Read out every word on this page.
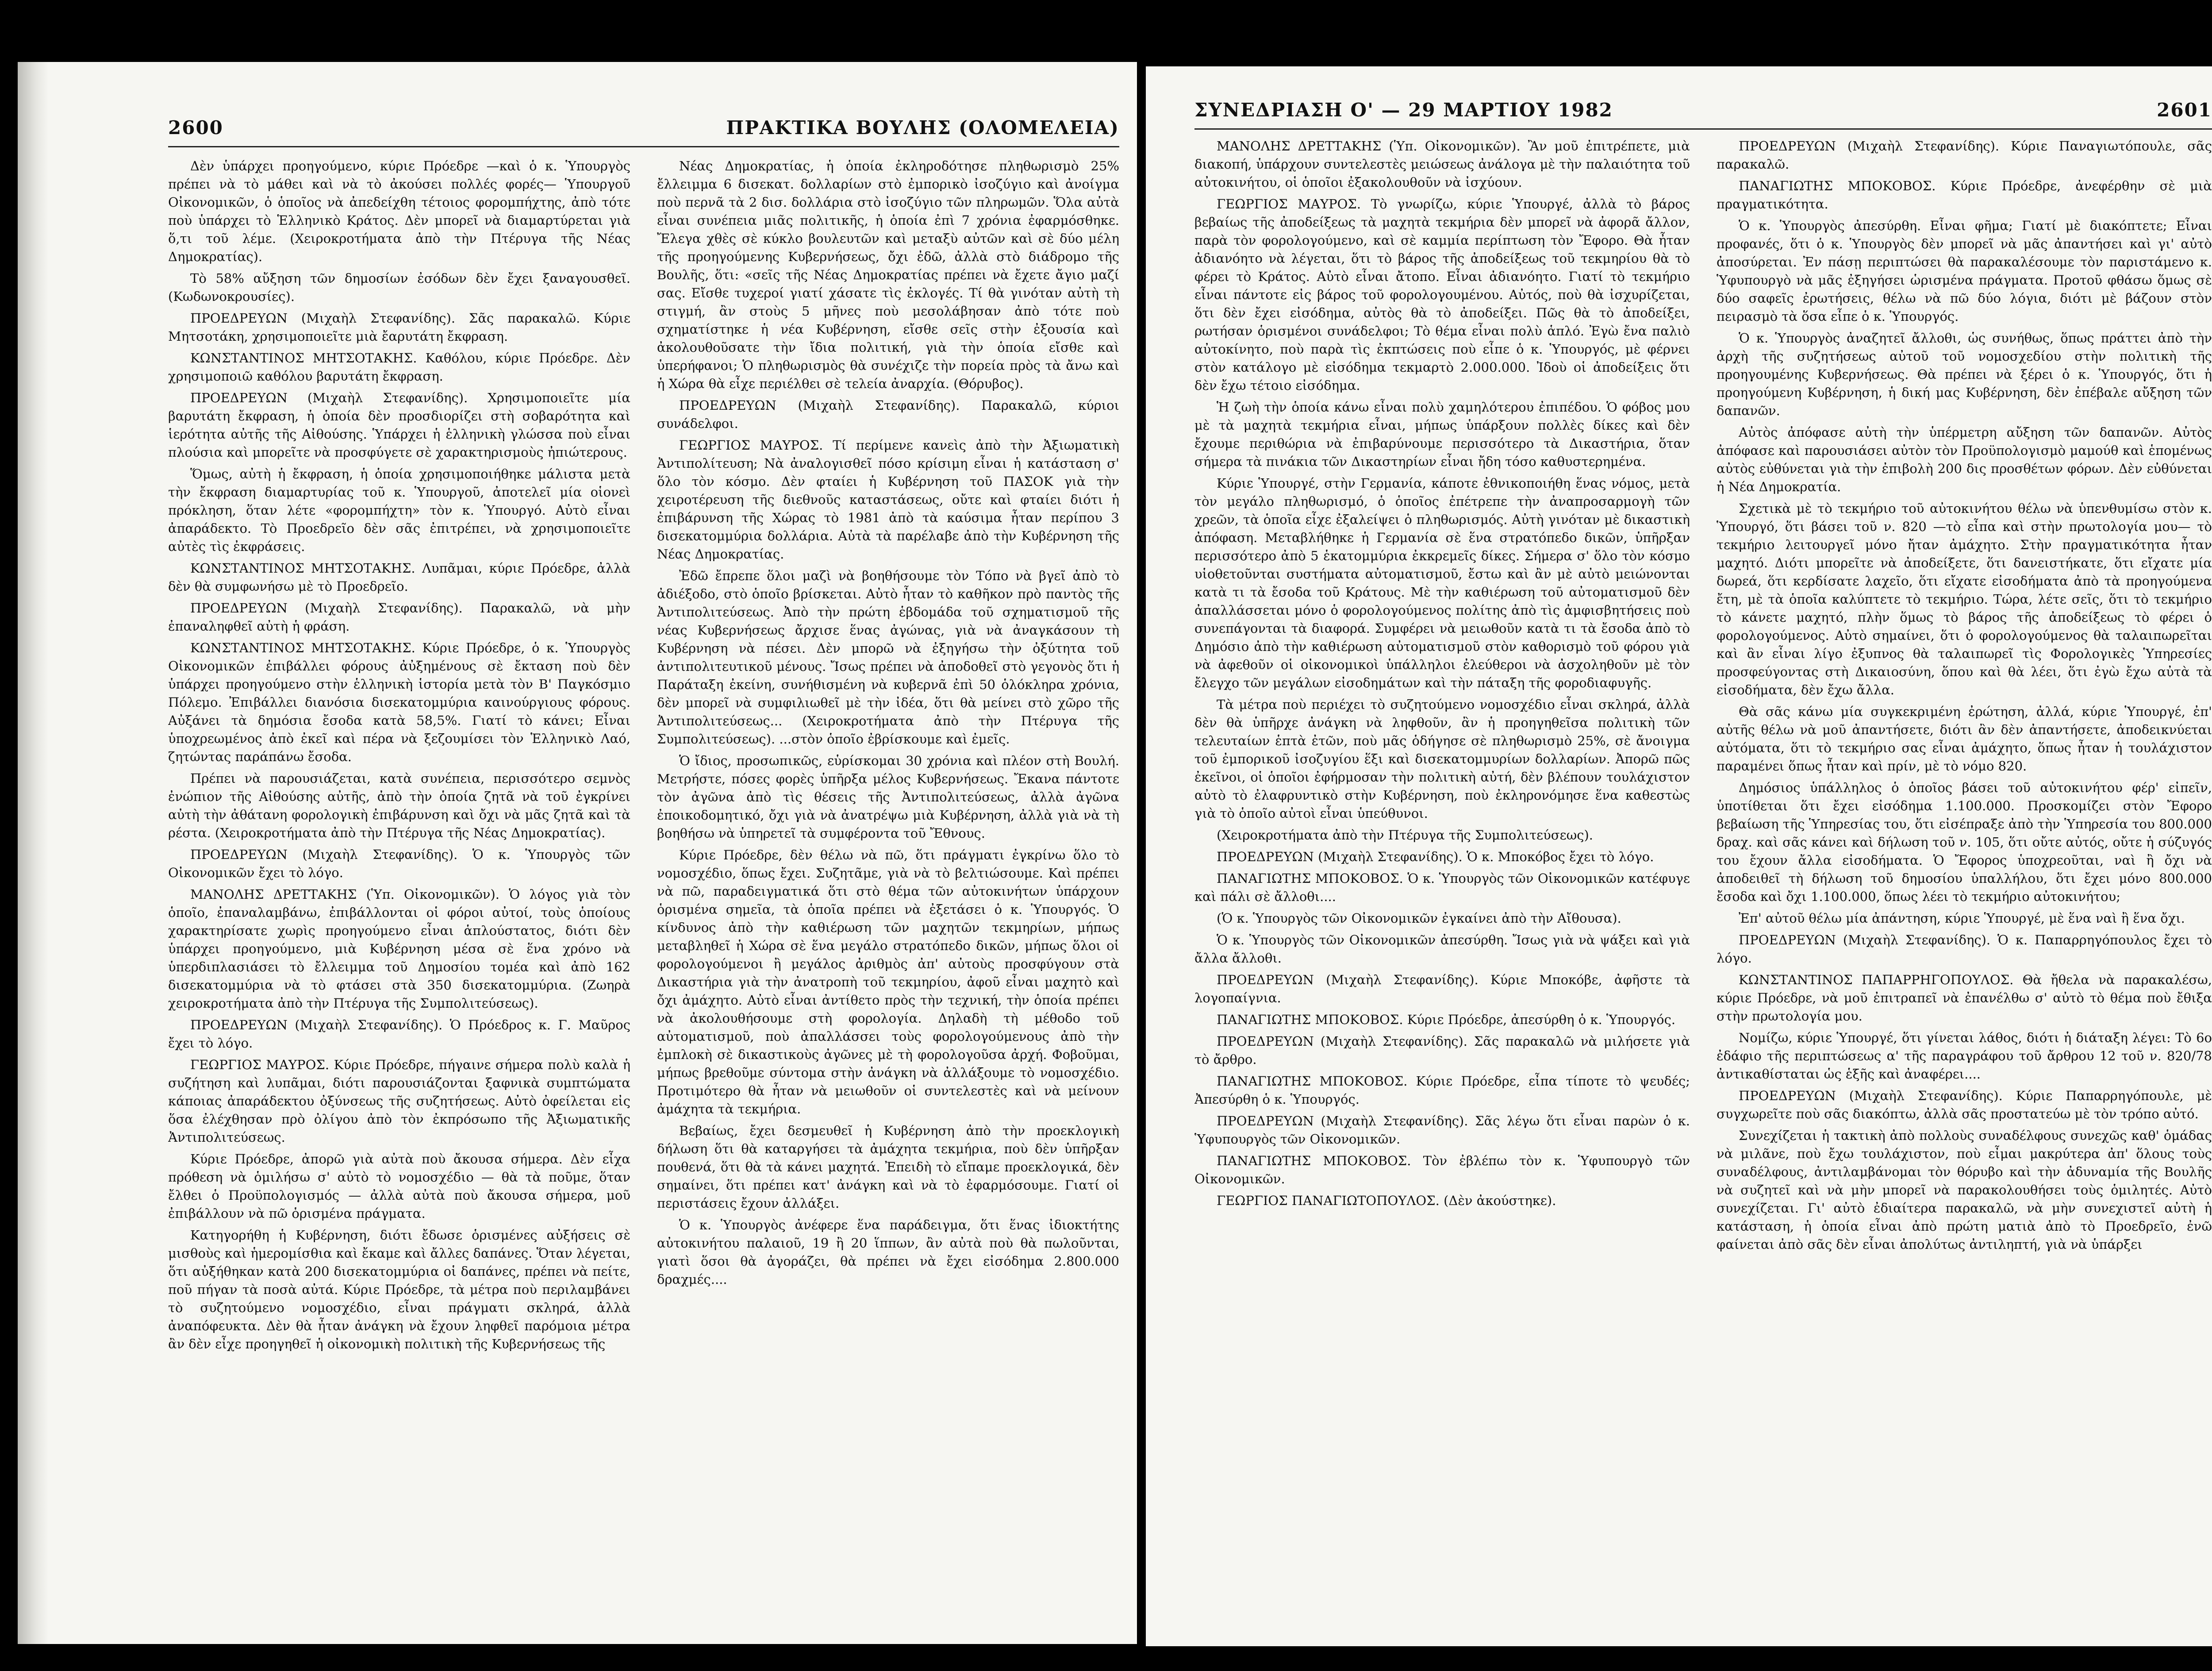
2600	ΠΡΑΚΤΙΚΑ ΒΟΥΛΗΣ (ΟΛΟΜΕΛΕΙΑ)

Δὲν ὑπάρχει προηγούμενο, κύριε Πρόεδρε —καὶ ὁ κ. Ὑπουργὸς πρέπει νὰ τὸ μάθει καὶ νὰ τὸ ἀκούσει πολλές φορές— Ὑπουργοῦ Οἰκονομικῶν, ὁ ὁποῖος νὰ ἀπεδείχθη τέτοιος φορομπήχτης, ἀπὸ τότε ποὺ ὑπάρχει τὸ Ἑλληνικὸ Κράτος. Δὲν μπορεῖ νὰ διαμαρτύρεται γιὰ ὅ,τι τοῦ λέμε. (Χειροκροτήματα ἀπὸ τὴν Πτέρυγα τῆς Νέας Δημοκρατίας).

Τὸ 58% αὔξηση τῶν δημοσίων ἐσόδων δὲν ἔχει ξαναγουσθεῖ. (Κωδωνοκρουσίες).

ΠΡΟΕΔΡΕΥΩΝ (Μιχαὴλ Στεφανίδης). Σᾶς παρακαλῶ. Κύριε Μητσοτάκη, χρησιμοποιεῖτε μιὰ ἔαρυτάτη ἔκφραση.

ΚΩΝΣΤΑΝΤΙΝΟΣ ΜΗΤΣΟΤΑΚΗΣ. Καθόλου, κύριε Πρόεδρε. Δὲν χρησιμοποιῶ καθόλου βαρυτάτη ἔκφραση.

ΠΡΟΕΔΡΕΥΩΝ (Μιχαὴλ Στεφανίδης). Χρησιμοποιεῖτε μία βαρυτάτη ἔκφραση, ἡ ὁποία δὲν προσδιορίζει στὴ σοβαρότητα καὶ ἱερότητα αὐτῆς τῆς Αἰθούσης. Ὑπάρχει ἡ ἑλληνικὴ γλώσσα ποὺ εἶναι πλούσια καὶ μπορεῖτε νὰ προσφύγετε σὲ χαρακτηρισμοὺς ἠπιώτερους.

Ὅμως, αὐτὴ ἡ ἔκφραση, ἡ ὁποία χρησιμοποιήθηκε μάλιστα μετὰ τὴν ἔκφραση διαμαρτυρίας τοῦ κ. Ὑπουργοῦ, ἀποτελεῖ μία οἱονεὶ πρόκληση, ὅταν λέτε «φορομπήχτη» τὸν κ. Ὑπουργό. Αὐτὸ εἶναι ἀπαράδεκτο. Τὸ Προεδρεῖο δὲν σᾶς ἐπιτρέπει, νὰ χρησιμοποιεῖτε αὐτὲς τὶς ἐκφράσεις.

ΚΩΝΣΤΑΝΤΙΝΟΣ ΜΗΤΣΟΤΑΚΗΣ. Λυπᾶμαι, κύριε Πρόεδρε, ἀλλὰ δὲν θὰ συμφωνήσω μὲ τὸ Προεδρεῖο.

ΠΡΟΕΔΡΕΥΩΝ (Μιχαὴλ Στεφανίδης). Παρακαλῶ, νὰ μὴν ἐπαναληφθεῖ αὐτὴ ἡ φράση.

ΚΩΝΣΤΑΝΤΙΝΟΣ ΜΗΤΣΟΤΑΚΗΣ. Κύριε Πρόεδρε, ὁ κ. Ὑπουργὸς Οἰκονομικῶν ἐπιβάλλει φόρους ἀὐξημένους σὲ ἔκταση ποὺ δὲν ὑπάρχει προηγούμενο στὴν ἑλληνικὴ ἱστορία μετὰ τὸν Β' Παγκόσμιο Πόλεμο. Ἐπιβάλλει διανόσια δισεκατομμύρια καινούργιους φόρους. Αὐξάνει τὰ δημόσια ἔσοδα κατὰ 58,5%. Γιατί τὸ κάνει; Εἶναι ὑποχρεωμένος ἀπὸ ἐκεῖ καὶ πέρα νὰ ξεζουμίσει τὸν Ἑλληνικὸ Λαό, ζητώντας παράπάνω ἔσοδα.

Πρέπει νὰ παρουσιάζεται, κατὰ συνέπεια, περισσότερο σεμνὸς ἐνώπιον τῆς Αἰθούσης αὐτῆς, ἀπὸ τὴν ὁποία ζητᾶ νὰ τοῦ ἐγκρίνει αὐτὴ τὴν ἀθάτανη φορολογικὴ ἐπιβάρυνση καὶ ὄχι νὰ μᾶς ζητᾶ καὶ τὰ ρέστα. (Χειροκροτήματα ἀπὸ τὴν Πτέρυγα τῆς Νέας Δημοκρατίας).

ΠΡΟΕΔΡΕΥΩΝ (Μιχαὴλ Στεφανίδης). Ὁ κ. Ὑπουργὸς τῶν Οἰκονομικῶν ἔχει τὸ λόγο.

ΜΑΝΟΛΗΣ ΔΡΕΤΤΑΚΗΣ (Ὑπ. Οἰκονομικῶν). Ὁ λόγος γιὰ τὸν ὁποῖο, ἐπαναλαμβάνω, ἐπιβάλλονται οἱ φόροι αὐτοί, τοὺς ὁποίους χαρακτηρίσατε χωρὶς προηγούμενο εἶναι ἁπλούστατος, διότι δὲν ὑπάρχει προηγούμενο, μιὰ Κυβέρνηση μέσα σὲ ἕνα χρόνο νὰ ὑπερδιπλασιάσει τὸ ἔλλειμμα τοῦ Δημοσίου τομέα καὶ ἀπὸ 162 δισεκατομμύρια νὰ τὸ φτάσει στὰ 350 δισεκατομμύρια. (Ζωηρὰ χειροκροτήματα ἀπὸ τὴν Πτέρυγα τῆς Συμπολιτεύσεως).

ΠΡΟΕΔΡΕΥΩΝ (Μιχαὴλ Στεφανίδης). Ὁ Πρόεδρος κ. Γ. Μαῦρος ἔχει τὸ λόγο.

ΓΕΩΡΓΙΟΣ ΜΑΥΡΟΣ. Κύριε Πρόεδρε, πήγαινε σήμερα πολὺ καλὰ ἡ συζήτηση καὶ λυπᾶμαι, διότι παρουσιάζονται ξαφνικὰ συμπτώματα κάποιας ἀπαράδεκτου ὀξύνσεως τῆς συζητήσεως. Αὐτὸ ὀφείλεται εἰς ὅσα ἐλέχθησαν πρὸ ὀλίγου ἀπὸ τὸν ἐκπρόσωπο τῆς Ἀξιωματικῆς Ἀντιπολιτεύσεως.

Κύριε Πρόεδρε, ἀπορῶ γιὰ αὐτὰ ποὺ ἄκουσα σήμερα. Δὲν εἶχα πρόθεση νὰ ὁμιλήσω σ' αὐτὸ τὸ νομοσχέδιο — θὰ τὰ ποῦμε, ὅταν ἔλθει ὁ Προϋπολογισμός — ἀλλὰ αὐτὰ ποὺ ἄκουσα σήμερα, μοῦ ἐπιβάλλουν νὰ πῶ ὁρισμένα πράγματα.

Κατηγορήθη ἡ Κυβέρνηση, διότι ἔδωσε ὁρισμένες αὐξήσεις σὲ μισθοὺς καὶ ἡμερομίσθια καὶ ἔκαμε καὶ ἄλλες δαπάνες. Ὅταν λέγεται, ὅτι αὐξήθηκαν κατὰ 200 δισεκατομμύρια οἱ δαπάνες, πρέπει νὰ πείτε, ποῦ πήγαν τὰ ποσὰ αὐτά. Κύριε Πρόεδρε, τὰ μέτρα ποὺ περιλαμβάνει τὸ συζητούμενο νομοσχέδιο, εἶναι πράγματι σκληρά, ἀλλὰ ἀναπόφευκτα. Δὲν θὰ ἦταν ἀνάγκη νὰ ἔχουν ληφθεῖ παρόμοια μέτρα ἂν δὲν εἶχε προηγηθεῖ ἡ οἰκονομικὴ πολιτικὴ τῆς Κυβερνήσεως τῆς

Νέας Δημοκρατίας, ἡ ὁποία ἐκληροδότησε πληθωρισμὸ 25% ἔλλειμμα 6 δισεκατ. δολλαρίων στὸ ἐμπορικὸ ἰσοζύγιο καὶ ἀνοίγμα ποὺ περνᾶ τὰ 2 δισ. δολλάρια στὸ ἰσοζύγιο τῶν πληρωμῶν. Ὅλα αὐτὰ εἶναι συνέπεια μιᾶς πολιτικῆς, ἡ ὁποία ἐπὶ 7 χρόνια ἐφαρμόσθηκε. Ἔλεγα χθὲς σὲ κύκλο βουλευτῶν καὶ μεταξὺ αὐτῶν καὶ σὲ δύο μέλη τῆς προηγούμενης Κυβερνήσεως, ὄχι ἐδῶ, ἀλλὰ στὸ διάδρομο τῆς Βουλῆς, ὅτι: «σεῖς τῆς Νέας Δημοκρατίας πρέπει νὰ ἔχετε ἄγιο μαζί σας. Εἴσθε τυχεροί γιατί χάσατε τὶς ἐκλογές. Τί θὰ γινόταν αὐτὴ τὴ στιγμή, ἂν στοὺς 5 μῆνες ποὺ μεσολάβησαν ἀπὸ τότε ποὺ σχηματίστηκε ἡ νέα Κυβέρνηση, εἴσθε σεῖς στὴν ἐξουσία καὶ ἀκολουθοῦσατε τὴν ἴδια πολιτική, γιὰ τὴν ὁποία εἴσθε καὶ ὑπερήφανοι; Ὁ πληθωρισμὸς θὰ συνέχιζε τὴν πορεία πρὸς τὰ ἄνω καὶ ἡ Χώρα θὰ εἶχε περιέλθει σὲ τελεία ἀναρχία. (Θόρυβος).

ΠΡΟΕΔΡΕΥΩΝ (Μιχαὴλ Στεφανίδης). Παρακαλῶ, κύριοι συνάδελφοι.

ΓΕΩΡΓΙΟΣ ΜΑΥΡΟΣ. Τί περίμενε κανεὶς ἀπὸ τὴν Ἀξιωματικὴ Ἀντιπολίτευση; Νὰ ἀναλογισθεῖ πόσο κρίσιμη εἶναι ἡ κατάσταση σ' ὅλο τὸν κόσμο. Δὲν φταίει ἡ Κυβέρνηση τοῦ ΠΑΣΟΚ γιὰ τὴν χειροτέρευση τῆς διεθνοῦς καταστάσεως, οὔτε καὶ φταίει διότι ἡ ἐπιβάρυνση τῆς Χώρας τὸ 1981 ἀπὸ τὰ καύσιμα ἦταν περίπου 3 δισεκατομμύρια δολλάρια. Αὐτὰ τὰ παρέλαβε ἀπὸ τὴν Κυβέρνηση τῆς Νέας Δημοκρατίας.

Ἐδῶ ἔπρεπε ὅλοι μαζὶ νὰ βοηθήσουμε τὸν Τόπο νὰ βγεῖ ἀπὸ τὸ ἀδιέξοδο, στὸ ὁποῖο βρίσκεται. Αὐτὸ ἦταν τὸ καθῆκον πρὸ παντὸς τῆς Ἀντιπολιτεύσεως. Ἀπὸ τὴν πρώτη ἑβδομάδα τοῦ σχηματισμοῦ τῆς νέας Κυβερνήσεως ἄρχισε ἕνας ἀγώνας, γιὰ νὰ ἀναγκάσουν τὴ Κυβέρνηση νὰ πέσει. Δὲν μπορῶ νὰ ἐξηγήσω τὴν ὀξύτητα τοῦ ἀντιπολιτευτικοῦ μένους. Ἴσως πρέπει νὰ ἀποδοθεῖ στὸ γεγονὸς ὅτι ἡ Παράταξη ἐκείνη, συνήθισμένη νὰ κυβερνᾶ ἐπὶ 50 ὁλόκληρα χρόνια, δὲν μπορεῖ νὰ συμφιλιωθεῖ μὲ τὴν ἰδέα, ὅτι θὰ μείνει στὸ χῶρο τῆς Ἀντιπολιτεύσεως... (Χειροκροτήματα ἀπὸ τὴν Πτέρυγα τῆς Συμπολιτεύσεως). ...στὸν ὁποῖο ἐβρίσκουμε καὶ ἐμεῖς.

Ὁ ἴδιος, προσωπικῶς, εὑρίσκομαι 30 χρόνια καὶ πλέον στὴ Βουλή. Μετρήστε, πόσες φορὲς ὑπῆρξα μέλος Κυβερνήσεως. Ἔκανα πάντοτε τὸν ἀγῶνα ἀπὸ τὶς θέσεις τῆς Ἀντιπολιτεύσεως, ἀλλὰ ἀγῶνα ἐποικοδομητικό, ὄχι γιὰ νὰ ἀνατρέψω μιὰ Κυβέρνηση, ἀλλὰ γιὰ νὰ τὴ βοηθήσω νὰ ὑπηρετεῖ τὰ συμφέροντα τοῦ Ἔθνους.

Κύριε Πρόεδρε, δὲν θέλω νὰ πῶ, ὅτι πράγματι ἐγκρίνω ὅλο τὸ νομοσχέδιο, ὅπως ἔχει. Συζητᾶμε, γιὰ νὰ τὸ βελτιώσουμε. Καὶ πρέπει νὰ πῶ, παραδειγματικά ὅτι στὸ θέμα τῶν αὐτοκινήτων ὑπάρχουν ὁρισμένα σημεῖα, τὰ ὁποῖα πρέπει νὰ ἐξετάσει ὁ κ. Ὑπουργός. Ὁ κίνδυνος ἀπὸ τὴν καθιέρωση τῶν μαχητῶν τεκμηρίων, μήπως μεταβληθεῖ ἡ Χώρα σὲ ἕνα μεγάλο στρατόπεδο δικῶν, μήπως ὅλοι οἱ φορολογούμενοι ἢ μεγάλος ἀριθμὸς ἀπ' αὐτοὺς προσφύγουν στὰ Δικαστήρια γιὰ τὴν ἀνατροπὴ τοῦ τεκμηρίου, ἀφοῦ εἶναι μαχητὸ καὶ ὄχι ἀμάχητο. Αὐτὸ εἶναι ἀντίθετο πρὸς τὴν τεχνική, τὴν ὁποία πρέπει νὰ ἀκολουθήσουμε στὴ φορολογία. Δηλαδὴ τὴ μέθοδο τοῦ αὐτοματισμοῦ, ποὺ ἀπαλλάσσει τοὺς φορολογούμενους ἀπὸ τὴν ἐμπλοκὴ σὲ δικαστικοὺς ἀγῶνες μὲ τὴ φορολογοῦσα ἀρχή. Φοβοῦμαι, μήπως βρεθοῦμε σύντομα στὴν ἀνάγκη νὰ ἀλλάξουμε τὸ νομοσχέδιο. Προτιμότερο θὰ ἦταν νὰ μειωθοῦν οἱ συντελεστὲς καὶ νὰ μείνουν ἀμάχητα τὰ τεκμήρια.

Βεβαίως, ἔχει δεσμευθεῖ ἡ Κυβέρνηση ἀπὸ τὴν προεκλογικὴ δήλωση ὅτι θὰ καταργήσει τὰ ἀμάχητα τεκμήρια, ποὺ δὲν ὑπῆρξαν πουθενά, ὅτι θὰ τὰ κάνει μαχητά. Ἐπειδὴ τὸ εἴπαμε προεκλογικά, δὲν σημαίνει, ὅτι πρέπει κατ' ἀνάγκη καὶ νὰ τὸ ἐφαρμόσουμε. Γιατί οἱ περιστάσεις ἔχουν ἀλλάξει.

Ὁ κ. Ὑπουργὸς ἀνέφερε ἕνα παράδειγμα, ὅτι ἕνας ἰδιοκτήτης αὐτοκινήτου παλαιοῦ, 19 ἢ 20 ἵππων, ἂν αὐτὰ ποὺ θὰ πωλοῦνται, γιατὶ ὅσοι θὰ ἀγοράζει, θὰ πρέπει νὰ ἔχει εἰσόδημα 2.800.000 δραχμές....

ΣΥΝΕΔΡΙΑΣΗ Ο' — 29 ΜΑΡΤΙΟΥ 1982	2601

ΜΑΝΟΛΗΣ ΔΡΕΤΤΑΚΗΣ (Ὑπ. Οἰκονομικῶν). Ἂν μοῦ ἐπιτρέπετε, μιὰ διακοπή, ὑπάρχουν συντελεστὲς μειώσεως ἀνάλογα μὲ τὴν παλαιότητα τοῦ αὐτοκινήτου, οἱ ὁποῖοι ἐξακολουθοῦν νὰ ἰσχύουν.

ΓΕΩΡΓΙΟΣ ΜΑΥΡΟΣ. Τὸ γνωρίζω, κύριε Ὑπουργέ, ἀλλὰ τὸ βάρος βεβαίως τῆς ἀποδείξεως τὰ μαχητὰ τεκμήρια δὲν μπορεῖ νὰ ἀφορᾶ ἄλλον, παρὰ τὸν φορολογούμενο, καὶ σὲ καμμία περίπτωση τὸν Ἔφορο. Θὰ ἦταν ἀδιανόητο νὰ λέγεται, ὅτι τὸ βάρος τῆς ἀποδείξεως τοῦ τεκμηρίου θὰ τὸ φέρει τὸ Κράτος. Αὐτὸ εἶναι ἄτοπο. Εἶναι ἀδιανόητο. Γιατί τὸ τεκμήριο εἶναι πάντοτε εἰς βάρος τοῦ φορολογουμένου. Αὐτός, ποὺ θὰ ἰσχυρίζεται, ὅτι δὲν ἔχει εἰσόδημα, αὐτὸς θὰ τὸ ἀποδείξει. Πῶς θὰ τὸ ἀποδείξει, ρωτήσαν ὁρισμένοι συνάδελφοι; Τὸ θέμα εἶναι πολὺ ἁπλό. Ἐγὼ ἔνα παλιὸ αὐτοκίνητο, ποὺ παρὰ τὶς ἐκπτώσεις ποὺ εἶπε ὁ κ. Ὑπουργός, μὲ φέρνει στὸν κατάλογο μὲ εἰσόδημα τεκμαρτὸ 2.000.000. Ἰδοὺ οἱ ἀποδείξεις ὅτι δὲν ἔχω τέτοιο εἰσόδημα.

Ἡ ζωὴ τὴν ὁποία κάνω εἶναι πολὺ χαμηλότερου ἐπιπέδου. Ὁ φόβος μου μὲ τὰ μαχητὰ τεκμήρια εἶναι, μήπως ὑπάρξουν πολλὲς δίκες καὶ δὲν ἔχουμε περιθώρια νὰ ἐπιβαρύνουμε περισσότερο τὰ Δικαστήρια, ὅταν σήμερα τὰ πινάκια τῶν Δικαστηρίων εἶναι ἤδη τόσο καθυστερημένα.

Κύριε Ὑπουργέ, στὴν Γερμανία, κάποτε ἐθνικοποιήθη ἕνας νόμος, μετὰ τὸν μεγάλο πληθωρισμό, ὁ ὁποῖος ἐπέτρεπε τὴν ἀναπροσαρμογὴ τῶν χρεῶν, τὰ ὁποῖα εἶχε ἐξαλείψει ὁ πληθωρισμός. Αὐτὴ γινόταν μὲ δικαστικὴ ἀπόφαση. Μεταβλήθηκε ἡ Γερμανία σὲ ἕνα στρατόπεδο δικῶν, ὑπῆρξαν περισσότερο ἀπὸ 5 ἑκατομμύρια ἐκκρεμεῖς δίκες. Σήμερα σ' ὅλο τὸν κόσμο υἱοθετοῦνται συστήματα αὐτοματισμοῦ, ἔστω καὶ ἂν μὲ αὐτὸ μειώνονται κατὰ τι τὰ ἔσοδα τοῦ Κράτους. Μὲ τὴν καθιέρωση τοῦ αὐτοματισμοῦ δὲν ἀπαλλάσσεται μόνο ὁ φορολογούμενος πολίτης ἀπὸ τὶς ἀμφισβητήσεις ποὺ συνεπάγονται τὰ διαφορά. Συμφέρει νὰ μειωθοῦν κατὰ τι τὰ ἔσοδα ἀπὸ τὸ Δημόσιο ἀπὸ τὴν καθιέρωση αὐτοματισμοῦ στὸν καθορισμὸ τοῦ φόρου γιὰ νὰ ἀφεθοῦν οἱ οἰκονομικοὶ ὑπάλληλοι ἐλεύθεροι νὰ ἀσχοληθοῦν μὲ τὸν ἔλεγχο τῶν μεγάλων εἰσοδημάτων καὶ τὴν πάταξη τῆς φοροδιαφυγῆς.

Τὰ μέτρα ποὺ περιέχει τὸ συζητούμενο νομοσχέδιο εἶναι σκληρά, ἀλλὰ δὲν θὰ ὑπῆρχε ἀνάγκη νὰ ληφθοῦν, ἂν ἡ προηγηθεῖσα πολιτικὴ τῶν τελευταίων ἑπτὰ ἐτῶν, ποὺ μᾶς ὁδήγησε σὲ πληθωρισμὸ 25%, σὲ ἄνοιγμα τοῦ ἐμπορικοῦ ἰσοζυγίου ἕξι καὶ δισεκατομμυρίων δολλαρίων. Ἀπορῶ πῶς ἐκεῖνοι, οἱ ὁποῖοι ἐφήρμοσαν τὴν πολιτικὴ αὐτή, δὲν βλέπουν τουλάχιστον αὐτὸ τὸ ἐλαφρυντικὸ στὴν Κυβέρνηση, ποὺ ἐκληρονόμησε ἕνα καθεστὼς γιὰ τὸ ὁποῖο αὐτοὶ εἶναι ὑπεύθυνοι.

(Χειροκροτήματα ἀπὸ τὴν Πτέρυγα τῆς Συμπολιτεύσεως).

ΠΡΟΕΔΡΕΥΩΝ (Μιχαὴλ Στεφανίδης). Ὁ κ. Μποκόβος ἔχει τὸ λόγο.

ΠΑΝΑΓΙΩΤΗΣ ΜΠΟΚΟΒΟΣ. Ὁ κ. Ὑπουργὸς τῶν Οἰκονομικῶν κατέφυγε καὶ πάλι σὲ ἄλλοθι....

(Ὁ κ. Ὑπουργὸς τῶν Οἰκονομικῶν ἐγκαίνει ἀπὸ τὴν Αἴθουσα).

Ὁ κ. Ὑπουργὸς τῶν Οἰκονομικῶν ἀπεσύρθη. Ἴσως γιὰ νὰ ψάξει καὶ γιὰ ἄλλα ἄλλοθι.

ΠΡΟΕΔΡΕΥΩΝ (Μιχαὴλ Στεφανίδης). Κύριε Μποκόβε, ἀφῆστε τὰ λογοπαίγνια.

ΠΑΝΑΓΙΩΤΗΣ ΜΠΟΚΟΒΟΣ. Κύριε Πρόεδρε, ἀπεσύρθη ὁ κ. Ὑπουργός.

ΠΡΟΕΔΡΕΥΩΝ (Μιχαὴλ Στεφανίδης). Σᾶς παρακαλῶ νὰ μιλήσετε γιὰ τὸ ἄρθρο.

ΠΑΝΑΓΙΩΤΗΣ ΜΠΟΚΟΒΟΣ. Κύριε Πρόεδρε, εἶπα τίποτε τὸ ψευδές; Ἀπεσύρθη ὁ κ. Ὑπουργός.

ΠΡΟΕΔΡΕΥΩΝ (Μιχαὴλ Στεφανίδης). Σᾶς λέγω ὅτι εἶναι παρὼν ὁ κ. Ὑφυπουργὸς τῶν Οἰκονομικῶν.

ΠΑΝΑΓΙΩΤΗΣ ΜΠΟΚΟΒΟΣ. Τὸν ἐβλέπω τὸν κ. Ὑφυπουργὸ τῶν Οἰκονομικῶν.

ΓΕΩΡΓΙΟΣ ΠΑΝΑΓΙΩΤΟΠΟΥΛΟΣ. (Δὲν ἀκούστηκε).

ΠΡΟΕΔΡΕΥΩΝ (Μιχαὴλ Στεφανίδης). Κύριε Παναγιωτόπουλε, σᾶς παρακαλῶ.

ΠΑΝΑΓΙΩΤΗΣ ΜΠΟΚΟΒΟΣ. Κύριε Πρόεδρε, ἀνεφέρθην σὲ μιὰ πραγματικότητα.

Ὁ κ. Ὑπουργὸς ἀπεσύρθη. Εἶναι φῆμα; Γιατί μὲ διακόπτετε; Εἶναι προφανές, ὅτι ὁ κ. Ὑπουργὸς δὲν μπορεῖ νὰ μᾶς ἀπαντήσει καὶ γι' αὐτὸ ἀποσύρεται. Ἐν πάσῃ περιπτώσει θὰ παρακαλέσουμε τὸν παριστάμενο κ. Ὑφυπουργὸ νὰ μᾶς ἐξηγήσει ὡρισμένα πράγματα. Προτοῦ φθάσω ὅμως σὲ δύο σαφεῖς ἐρωτήσεις, θέλω νὰ πῶ δύο λόγια, διότι μὲ βάζουν στὸν πειρασμὸ τὰ ὅσα εἶπε ὁ κ. Ὑπουργός.

Ὁ κ. Ὑπουργὸς ἀναζητεῖ ἄλλοθι, ὡς συνήθως, ὅπως πράττει ἀπὸ τὴν ἀρχὴ τῆς συζητήσεως αὐτοῦ τοῦ νομοσχεδίου στὴν πολιτικὴ τῆς προηγουμένης Κυβερνήσεως. Θὰ πρέπει νὰ ξέρει ὁ κ. Ὑπουργός, ὅτι ἡ προηγούμενη Κυβέρνηση, ἡ δική μας Κυβέρνηση, δὲν ἐπέβαλε αὔξηση τῶν δαπανῶν.

Αὐτὸς ἀπόφασε αὐτὴ τὴν ὑπέρμετρη αὔξηση τῶν δαπανῶν. Αὐτὸς ἀπόφασε καὶ παρουσιάσει αὐτὸν τὸν Προϋπολογισμὸ μαμούθ καὶ ἑπομένως αὐτὸς εὐθύνεται γιὰ τὴν ἐπιβολὴ 200 δις προσθέτων φόρων. Δὲν εὐθύνεται ἡ Νέα Δημοκρατία.

Σχετικὰ μὲ τὸ τεκμήριο τοῦ αὐτοκινήτου θέλω νὰ ὑπενθυμίσω στὸν κ. Ὑπουργό, ὅτι βάσει τοῦ ν. 820 —τὸ εἶπα καὶ στὴν πρωτολογία μου— τὸ τεκμήριο λειτουργεῖ μόνο ἤταν ἀμάχητο. Στὴν πραγματικότητα ἦταν μαχητό. Διότι μπορεῖτε νὰ ἀποδείξετε, ὅτι δανειστήκατε, ὅτι εἴχατε μία δωρεά, ὅτι κερδίσατε λαχεῖο, ὅτι εἴχατε εἰσοδήματα ἀπὸ τὰ προηγούμενα ἔτη, μὲ τὰ ὁποῖα καλύπτετε τὸ τεκμήριο. Τώρα, λέτε σεῖς, ὅτι τὸ τεκμήριο τὸ κάνετε μαχητό, πλὴν ὅμως τὸ βάρος τῆς ἀποδείξεως τὸ φέρει ὁ φορολογούμενος. Αὐτὸ σημαίνει, ὅτι ὁ φορολογούμενος θὰ ταλαιπωρεῖται καὶ ἂν εἶναι λίγο ἐξυπνος θὰ ταλαιπωρεῖ τὶς Φορολογικὲς Ὑπηρεσίες προσφεύγοντας στὴ Δικαιοσύνη, ὅπου καὶ θὰ λέει, ὅτι ἐγὼ ἔχω αὐτὰ τὰ εἰσοδήματα, δὲν ἔχω ἄλλα.

Θὰ σᾶς κάνω μία συγκεκριμένη ἐρώτηση, ἀλλά, κύριε Ὑπουργέ, ἐπ' αὐτῆς θέλω νὰ μοῦ ἀπαντήσετε, διότι ἂν δὲν ἀπαντήσετε, ἀποδεικνύεται αὐτόματα, ὅτι τὸ τεκμήριο σας εἶναι ἀμάχητο, ὅπως ἦταν ἡ τουλάχιστον παραμένει ὅπως ἦταν καὶ πρίν, μὲ τὸ νόμο 820.

Δημόσιος ὑπάλληλος ὁ ὁποῖος βάσει τοῦ αὐτοκινήτου φέρ' εἰπεῖν, ὑποτίθεται ὅτι ἔχει εἰσόδημα 1.100.000. Προσκομίζει στὸν Ἔφορο βεβαίωση τῆς Ὑπηρεσίας του, ὅτι εἰσέπραξε ἀπὸ τὴν Ὑπηρεσία του 800.000 δραχ. καὶ σᾶς κάνει καὶ δήλωση τοῦ ν. 105, ὅτι οὔτε αὐτός, οὔτε ἡ σύζυγός του ἔχουν ἄλλα εἰσοδήματα. Ὁ Ἔφορος ὑποχρεοῦται, ναὶ ἢ ὄχι νὰ ἀποδειθεῖ τὴ δήλωση τοῦ δημοσίου ὑπαλλήλου, ὅτι ἔχει μόνο 800.000 ἔσοδα καὶ ὄχι 1.100.000, ὅπως λέει τὸ τεκμήριο αὐτοκινήτου;

Ἐπ' αὐτοῦ θέλω μία ἀπάντηση, κύριε Ὑπουργέ, μὲ ἕνα ναὶ ἢ ἕνα ὄχι.

ΠΡΟΕΔΡΕΥΩΝ (Μιχαὴλ Στεφανίδης). Ὁ κ. Παπαρρηγόπουλος ἔχει τὸ λόγο.

ΚΩΝΣΤΑΝΤΙΝΟΣ ΠΑΠΑΡΡΗΓΟΠΟΥΛΟΣ. Θὰ ἤθελα νὰ παρακαλέσω, κύριε Πρόεδρε, νὰ μοῦ ἐπιτραπεῖ νὰ ἐπανέλθω σ' αὐτὸ τὸ θέμα ποὺ ἔθιξα στὴν πρωτολογία μου.

Νομίζω, κύριε Ὑπουργέ, ὅτι γίνεται λάθος, διότι ἡ διάταξη λέγει: Τὸ 6ο ἐδάφιο τῆς περιπτώσεως α' τῆς παραγράφου τοῦ ἄρθρου 12 τοῦ ν. 820/78 ἀντικαθίσταται ὡς ἑξῆς καὶ ἀναφέρει....

ΠΡΟΕΔΡΕΥΩΝ (Μιχαὴλ Στεφανίδης). Κύριε Παπαρρηγόπουλε, μὲ συγχωρεῖτε ποὺ σᾶς διακόπτω, ἀλλὰ σᾶς προστατεύω μὲ τὸν τρόπο αὐτό.

Συνεχίζεται ἡ τακτικὴ ἀπὸ πολλοὺς συναδέλφους συνεχῶς καθ' ὁμάδας νὰ μιλᾶνε, ποὺ ἔχω τουλάχιστον, ποὺ εἶμαι μακρύτερα ἀπ' ὅλους τοὺς συναδέλφους, ἀντιλαμβάνομαι τὸν θόρυβο καὶ τὴν ἀδυναμία τῆς Βουλῆς νὰ συζητεῖ καὶ νὰ μὴν μπορεῖ νὰ παρακολουθήσει τοὺς ὁμιλητές. Αὐτὸ συνεχίζεται. Γι' αὐτὸ ἐδιαίτερα παρακαλῶ, νὰ μὴν συνεχιστεῖ αὐτὴ ἡ κατάσταση, ἡ ὁποία εἶναι ἀπὸ πρώτη ματιὰ ἀπὸ τὸ Προεδρεῖο, ἐνῶ φαίνεται ἀπὸ σᾶς δὲν εἶναι ἀπολύτως ἀντιληπτή, γιὰ νὰ ὑπάρξει
